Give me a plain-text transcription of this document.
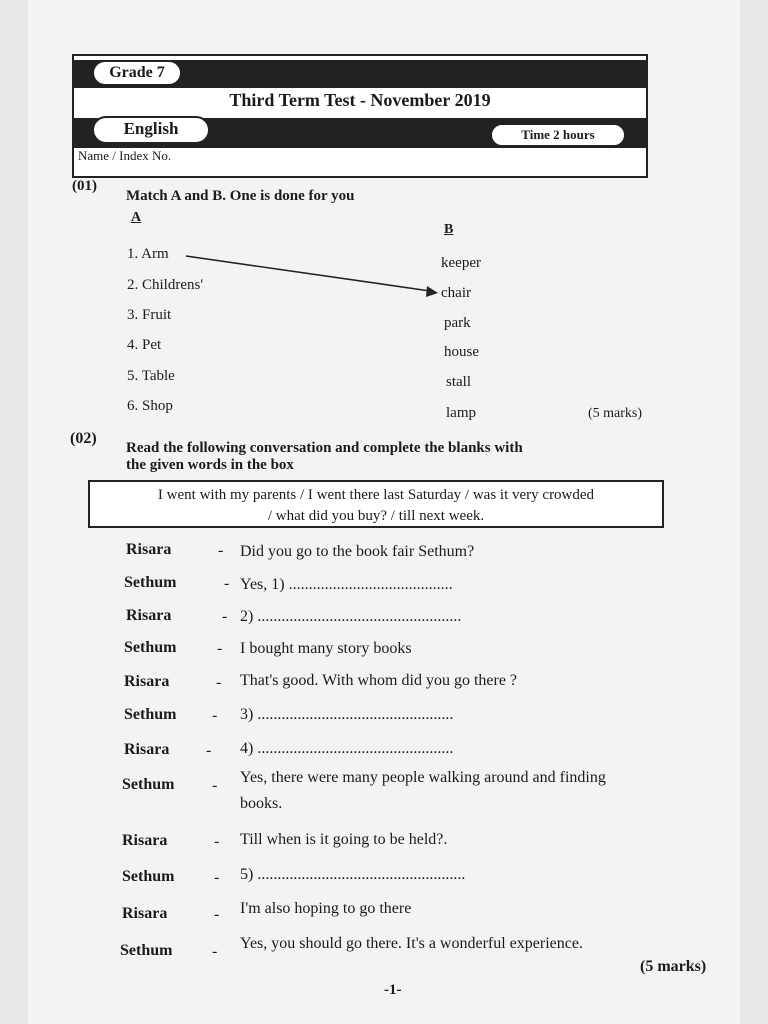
Grade 7
Third Term Test - November 2019
English	Time 2 hours
Name / Index No.
(01)
Match A and B. One is done for you
A
B
1. Arm
2. Childrens'
3. Fruit
4. Pet
5. Table
6. Shop
keeper
chair
park
house
stall
lamp	(5 marks)
(02)
Read the following conversation and complete the blanks with
the given words in the box
I went with my parents / I went there last Saturday / was it very crowded
/ what did you buy? / till next week.
Risara	- Did you go to the book fair Sethum?
Sethum	- Yes, 1) .........................................
Risara	- 2) ...................................................
Sethum	- I bought many story books
Risara	- That's good. With whom did you go there ?
Sethum - 3) .................................................
Risara - 4) .................................................
Sethum - Yes, there were many people walking around and finding
books.
Risara	- Till when is it going to be held?.
Sethum - 5) ....................................................
Risara	- I'm also hoping to go there
Sethum - Yes, you should go there. It's a wonderful experience.
(5 marks)
-1-
